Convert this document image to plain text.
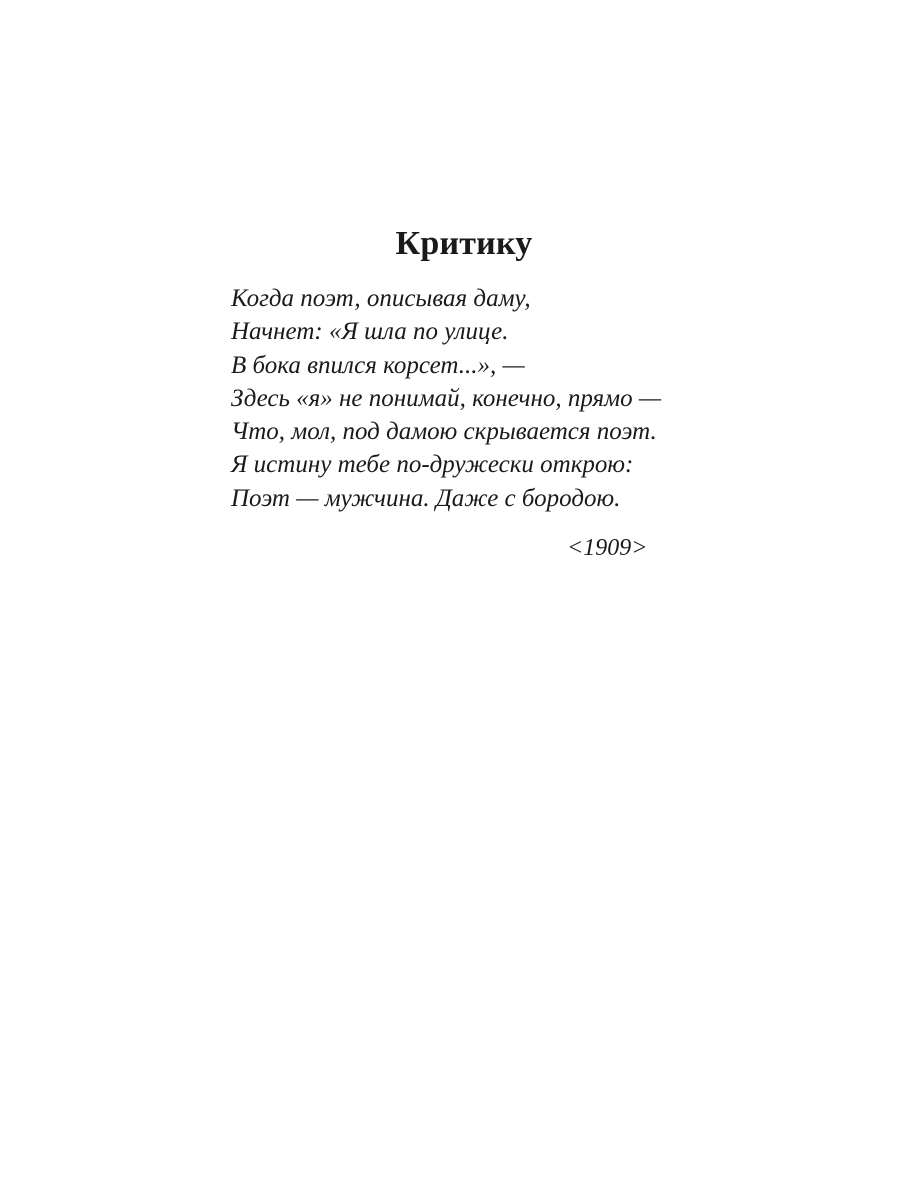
Критику
Когда поэт, описывая даму,
Начнет: «Я шла по улице.
В бока впился корсет...», —
Здесь «я» не понимай, конечно, прямо —
Что, мол, под дамою скрывается поэт.
Я истину тебе по-дружески открою:
Поэт — мужчина. Даже с бородою.
<1909>
